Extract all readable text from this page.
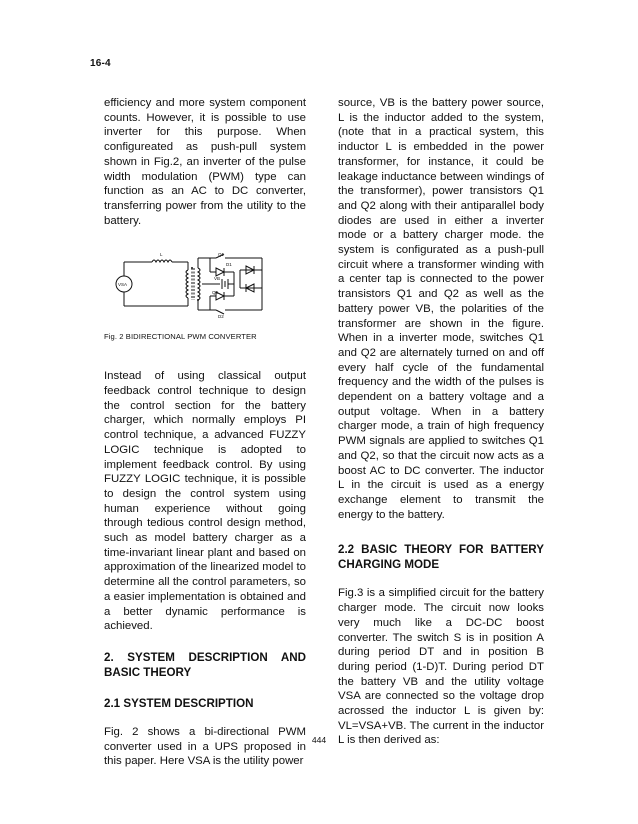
16-4

efficiency and more system component counts. However, it is possible to use inverter for this purpose. When configureated as push-pull system shown in Fig.2, an inverter of the pulse width modulation (PWM) type can function as an AC to DC converter, transferring power from the utility to the battery.

L
VSA
Q1
D1
VB
Q2
D2
Fig. 2 BIDIRECTIONAL PWM CONVERTER

Instead of using classical output feedback control technique to design the control section for the battery charger, which normally employs PI control technique, a advanced FUZZY LOGIC technique is adopted to implement feedback control. By using FUZZY LOGIC technique, it is possible to design the control system using human experience without going through tedious control design method, such as model battery charger as a time-invariant linear plant and based on approximation of the linearized model to determine all the control parameters, so a easier implementation is obtained and a better dynamic performance is achieved.

2. SYSTEM DESCRIPTION AND BASIC THEORY
2.1 SYSTEM DESCRIPTION

Fig. 2 shows a bi-directional PWM converter used in a UPS proposed in this paper. Here VSA is the utility power

source, VB is the battery power source, L is the inductor added to the system, (note that in a practical system, this inductor L is embedded in the power transformer, for instance, it could be leakage inductance between windings of the transformer), power transistors Q1 and Q2 along with their antiparallel body diodes are used in either a inverter mode or a battery charger mode. the system is configurated as a push-pull circuit where a transformer winding with a center tap is connected to the power transistors Q1 and Q2 as well as the battery power VB, the polarities of the transformer are shown in the figure. When in a inverter mode, switches Q1 and Q2 are alternately turned on and off every half cycle of the fundamental frequency and the width of the pulses is dependent on a battery voltage and a output voltage. When in a battery charger mode, a train of high frequency PWM signals are applied to switches Q1 and Q2, so that the circuit now acts as a boost AC to DC converter. The inductor L in the circuit is used as a energy exchange element to transmit the energy to the battery.

2.2 BASIC THEORY FOR BATTERY CHARGING MODE

Fig.3 is a simplified circuit for the battery charger mode. The circuit now looks very much like a DC-DC boost converter. The switch S is in position A during period DT and in position B during period (1-D)T. During period DT the battery VB and the utility voltage VSA are connected so the voltage drop acrossed the inductor L is given by: VL=VSA+VB. The current in the inductor L is then derived as:

444
